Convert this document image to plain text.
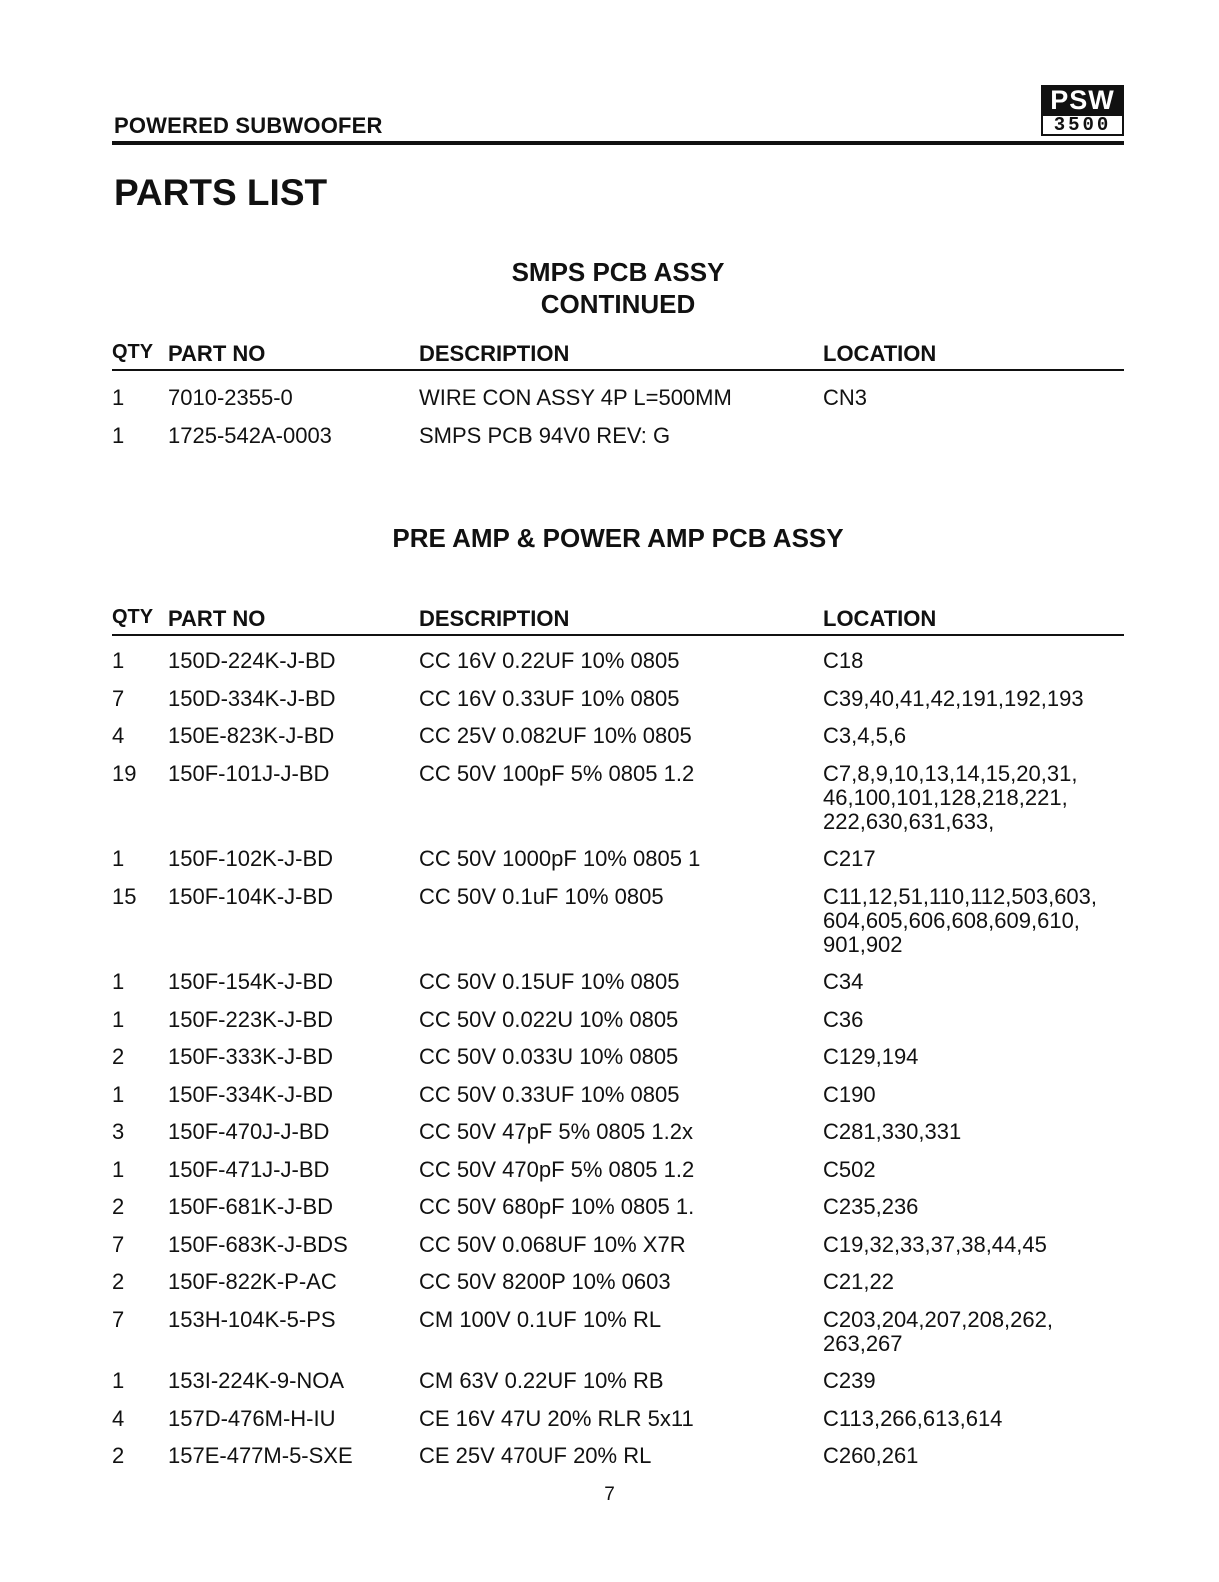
POWERED SUBWOOFER
PSW
3500
PARTS LIST
SMPS PCB ASSY
CONTINUED
QTY PART NO	DESCRIPTION	LOCATION
1 7010-2355-0	WIRE CON ASSY 4P L=500MM	CN3
1 1725-542A-0003	SMPS PCB 94V0 REV: G
PRE AMP & POWER AMP PCB ASSY
QTY PART NO	DESCRIPTION	LOCATION
1 150D-224K-J-BD	CC 16V 0.22UF 10% 0805	C18
7 150D-334K-J-BD	CC 16V 0.33UF 10% 0805	C39,40,41,42,191,192,193
4 150E-823K-J-BD	CC 25V 0.082UF 10% 0805	C3,4,5,6
19 150F-101J-J-BD	CC 50V 100pF 5% 0805 1.2	C7,8,9,10,13,14,15,20,31, 46,100,101,128,218,221, 222,630,631,633,
1 150F-102K-J-BD	CC 50V 1000pF 10% 0805 1	C217
15 150F-104K-J-BD	CC 50V 0.1uF 10% 0805	C11,12,51,110,112,503,603, 604,605,606,608,609,610, 901,902
1 150F-154K-J-BD	CC 50V 0.15UF 10% 0805	C34
1 150F-223K-J-BD	CC 50V 0.022U 10% 0805	C36
2 150F-333K-J-BD	CC 50V 0.033U 10% 0805	C129,194
1 150F-334K-J-BD	CC 50V 0.33UF 10% 0805	C190
3 150F-470J-J-BD	CC 50V 47pF 5% 0805 1.2x	C281,330,331
1 150F-471J-J-BD	CC 50V 470pF 5% 0805 1.2	C502
2 150F-681K-J-BD	CC 50V 680pF 10% 0805 1.	C235,236
7 150F-683K-J-BDS	CC 50V 0.068UF 10% X7R	C19,32,33,37,38,44,45
2 150F-822K-P-AC	CC 50V 8200P 10% 0603	C21,22
7 153H-104K-5-PS	CM 100V 0.1UF 10% RL	C203,204,207,208,262, 263,267
1 153I-224K-9-NOA	CM 63V 0.22UF 10% RB	C239
4 157D-476M-H-IU	CE 16V 47U 20% RLR 5x11	C113,266,613,614
2 157E-477M-5-SXE	CE 25V 470UF 20% RL	C260,261
7
